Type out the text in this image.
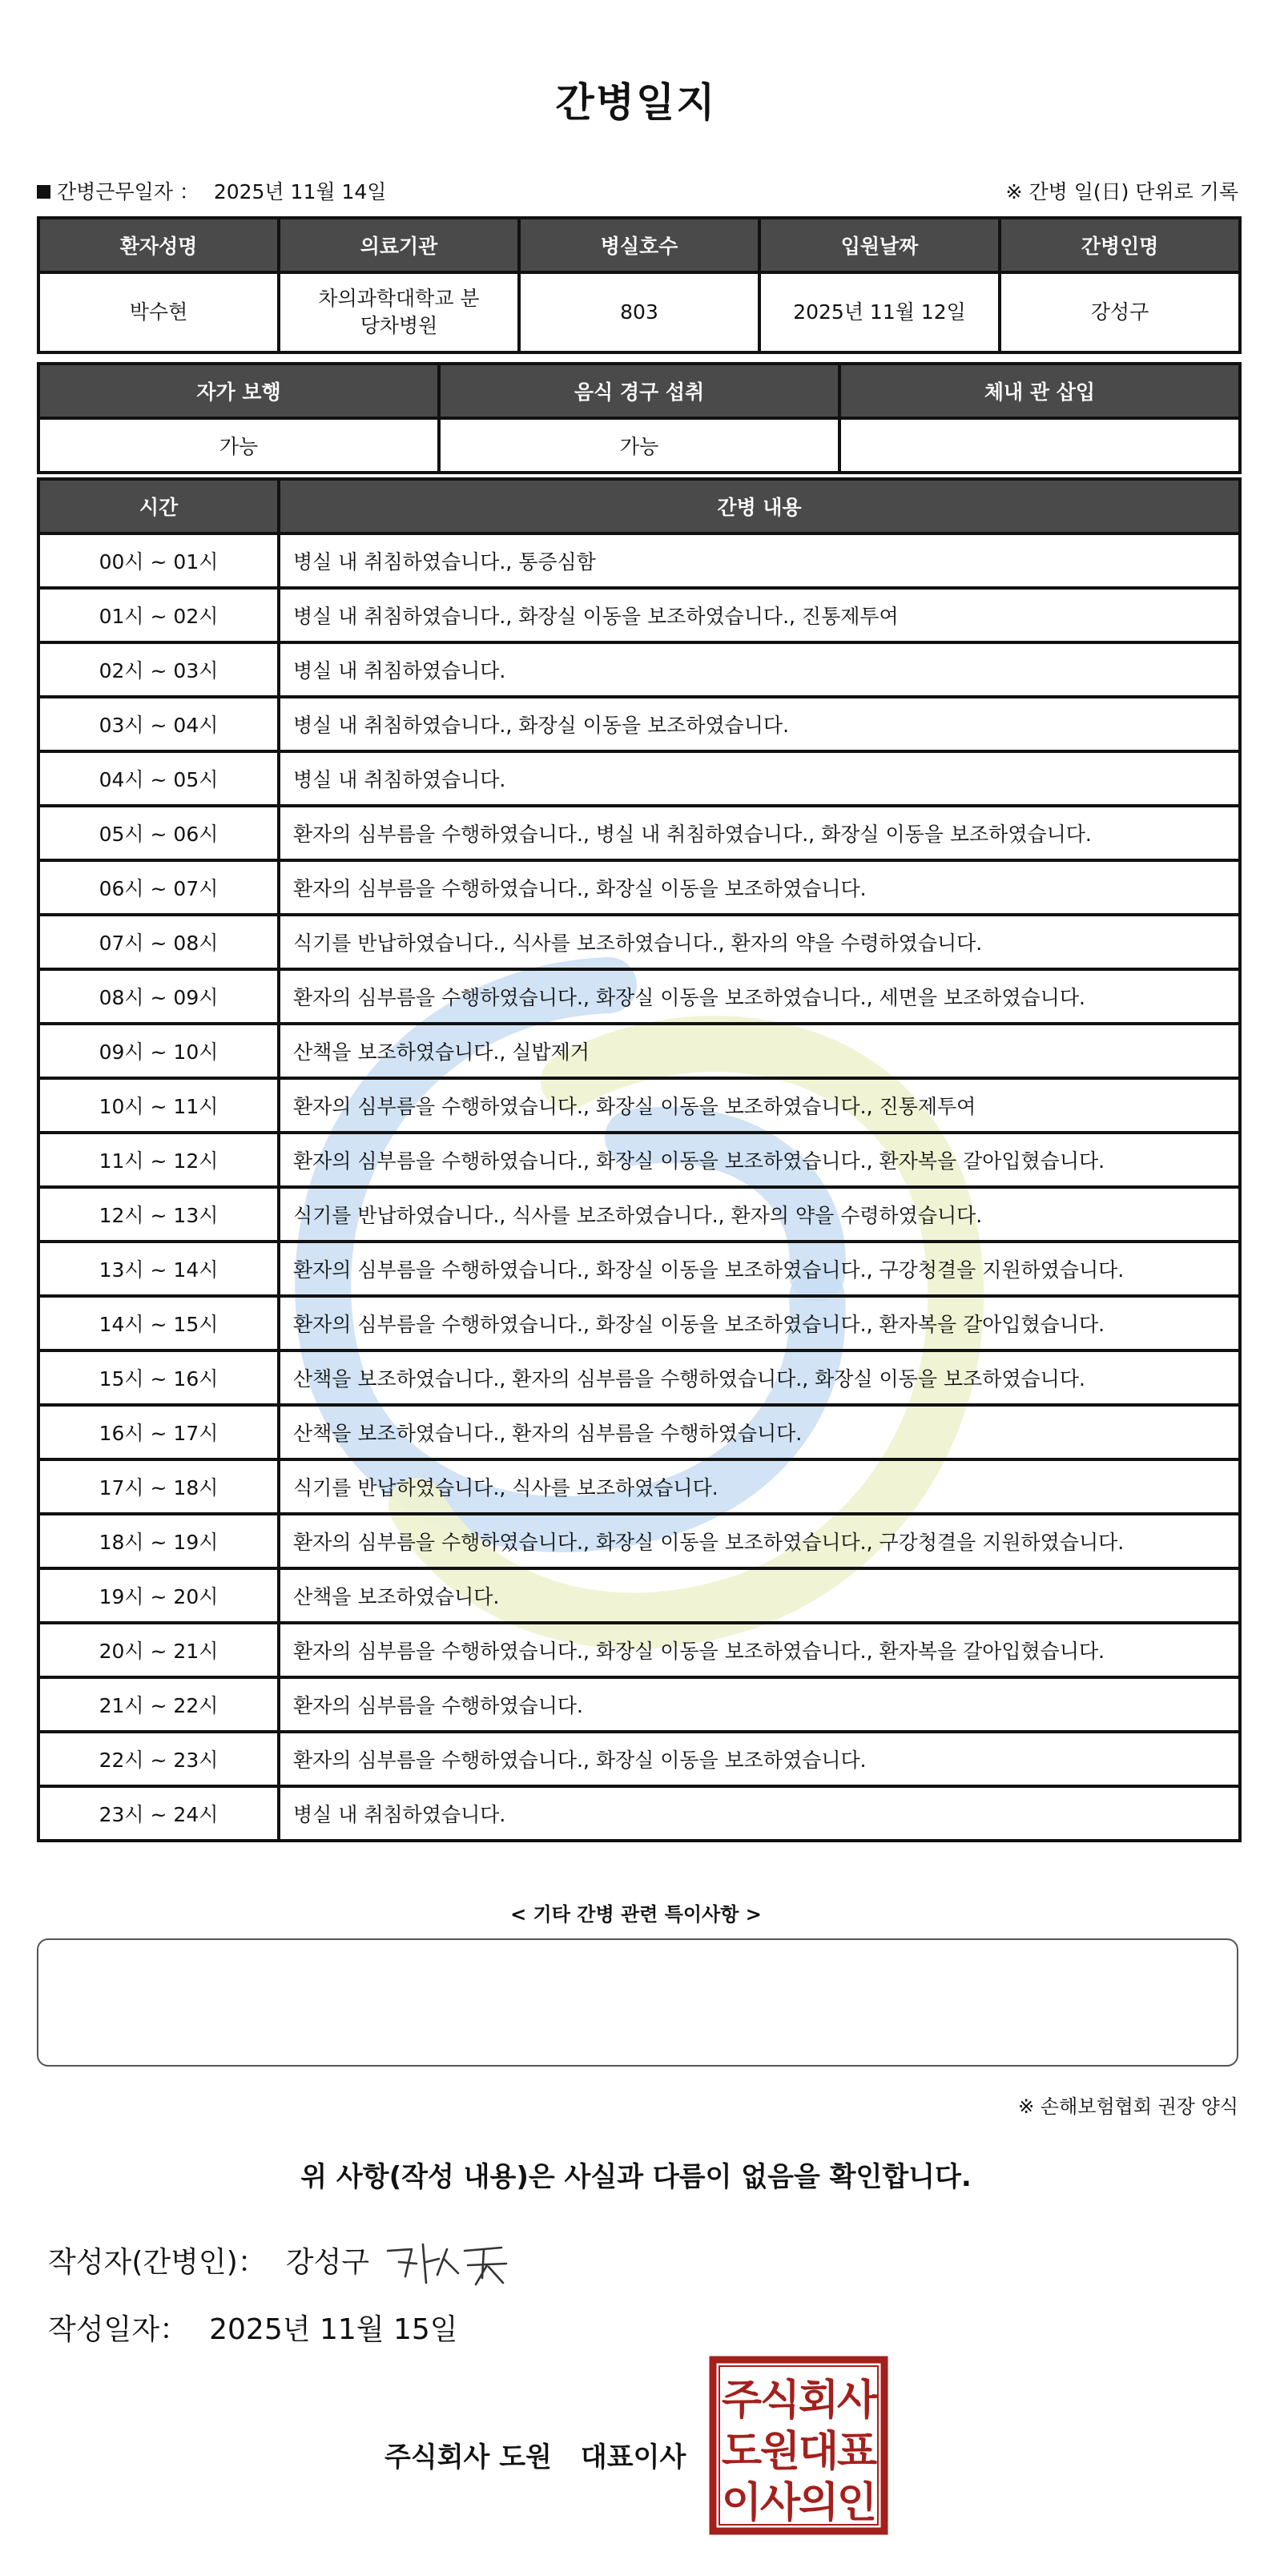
간병일지
간병근무일자 ： 2025년 11월 14일	※ 간병 일(日) 단위로 기록
환자성명	의료기관	병실호수	입원날짜	간병인명
박수현	차의과학대학교 분당차병원	803	2025년 11월 12일	강성구
자가 보행	음식 경구 섭취	체내 관 삽입
가능	가능	
시간	간병 내용
00시 ~ 01시	병실 내 취침하였습니다., 통증심함
01시 ~ 02시	병실 내 취침하였습니다., 화장실 이동을 보조하였습니다., 진통제투여
02시 ~ 03시	병실 내 취침하였습니다.
03시 ~ 04시	병실 내 취침하였습니다., 화장실 이동을 보조하였습니다.
04시 ~ 05시	병실 내 취침하였습니다.
05시 ~ 06시	환자의 심부름을 수행하였습니다., 병실 내 취침하였습니다., 화장실 이동을 보조하였습니다.
06시 ~ 07시	환자의 심부름을 수행하였습니다., 화장실 이동을 보조하였습니다.
07시 ~ 08시	식기를 반납하였습니다., 식사를 보조하였습니다., 환자의 약을 수령하였습니다.
08시 ~ 09시	환자의 심부름을 수행하였습니다., 화장실 이동을 보조하였습니다., 세면을 보조하였습니다.
09시 ~ 10시	산책을 보조하였습니다., 실밥제거
10시 ~ 11시	환자의 심부름을 수행하였습니다., 화장실 이동을 보조하였습니다., 진통제투여
11시 ~ 12시	환자의 심부름을 수행하였습니다., 화장실 이동을 보조하였습니다., 환자복을 갈아입혔습니다.
12시 ~ 13시	식기를 반납하였습니다., 식사를 보조하였습니다., 환자의 약을 수령하였습니다.
13시 ~ 14시	환자의 심부름을 수행하였습니다., 화장실 이동을 보조하였습니다., 구강청결을 지원하였습니다.
14시 ~ 15시	환자의 심부름을 수행하였습니다., 화장실 이동을 보조하였습니다., 환자복을 갈아입혔습니다.
15시 ~ 16시	산책을 보조하였습니다., 환자의 심부름을 수행하였습니다., 화장실 이동을 보조하였습니다.
16시 ~ 17시	산책을 보조하였습니다., 환자의 심부름을 수행하였습니다.
17시 ~ 18시	식기를 반납하였습니다., 식사를 보조하였습니다.
18시 ~ 19시	환자의 심부름을 수행하였습니다., 화장실 이동을 보조하였습니다., 구강청결을 지원하였습니다.
19시 ~ 20시	산책을 보조하였습니다.
20시 ~ 21시	환자의 심부름을 수행하였습니다., 화장실 이동을 보조하였습니다., 환자복을 갈아입혔습니다.
21시 ~ 22시	환자의 심부름을 수행하였습니다.
22시 ~ 23시	환자의 심부름을 수행하였습니다., 화장실 이동을 보조하였습니다.
23시 ~ 24시	병실 내 취침하였습니다.
< 기타 간병 관련 특이사항 >
※ 손해보험협회 권장 양식
위 사항(작성 내용)은 사실과 다름이 없음을 확인합니다.
작성자(간병인)： 강성구
작성일자： 2025년 11월 15일
주식회사 도원 대표이사
주
식
회
사
도
원
대
표
이
사
의
인
